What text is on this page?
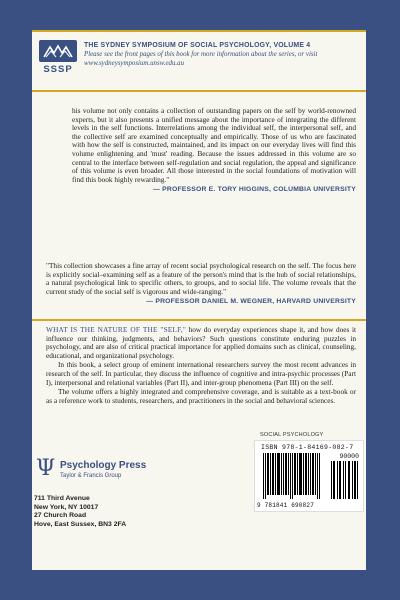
SSSP
THE SYDNEY SYMPOSIUM OF SOCIAL PSYCHOLOGY, VOLUME 4
Please see the front pages of this book for more information about the series, or visit www.sydneysymposium.unsw.edu.au

his volume not only contains a collection of outstanding papers on the self by world-renowned experts, but it also presents a unified message about the importance of integrating the different levels in the self functions. Interrelations among the individual self, the interpersonal self, and the collective self are examined conceptually and empirically. Those of us who are fascinated with how the self is constructed, maintained, and its impact on our everyday lives will find this volume enlightening and 'must' reading. Because the issues addressed in this volume are so central to the interface between self-regulation and social regulation, the appeal and significance of this volume is even broader. All those interested in the social foundations of motivation will find this book highly rewarding."

— PROFESSOR E. TORY HIGGINS, COLUMBIA UNIVERSITY

"This collection showcases a fine array of recent social psychological research on the self. The focus here is explicitly social–examining self as a feature of the person's mind that is the hub of social relationships, a natural psychological link to specific others, to groups, and to social life. The volume reveals that the current study of the social self is vigorous and wide-ranging."

— PROFESSOR DANIEL M. WEGNER, HARVARD UNIVERSITY

WHAT IS THE NATURE OF THE "SELF," how do everyday experiences shape it, and how does it influence our thinking, judgments, and behaviors? Such questions constitute enduring puzzles in psychology, and are also of critical practical importance for applied domains such as clinical, counseling, educational, and organizational psychology.

In this book, a select group of eminent international researchers survey the most recent advances in research of the self. In particular, they discuss the influence of cognitive and intra-psychic processes (Part I), interpersonal and relational variables (Part II), and inter-group phenomena (Part III) on the self.

The volume offers a highly integrated and comprehensive coverage, and is suitable as a text-book or as a reference work to students, researchers, and practitioners in the social and behavioral sciences.

Ψ Psychology Press
Taylor & Francis Group
711 Third Avenue
New York, NY 10017
27 Church Road
Hove, East Sussex, BN3 2FA
SOCIAL PSYCHOLOGY
ISBN 978-1-84169-082-7
90000
9 781841 690827
